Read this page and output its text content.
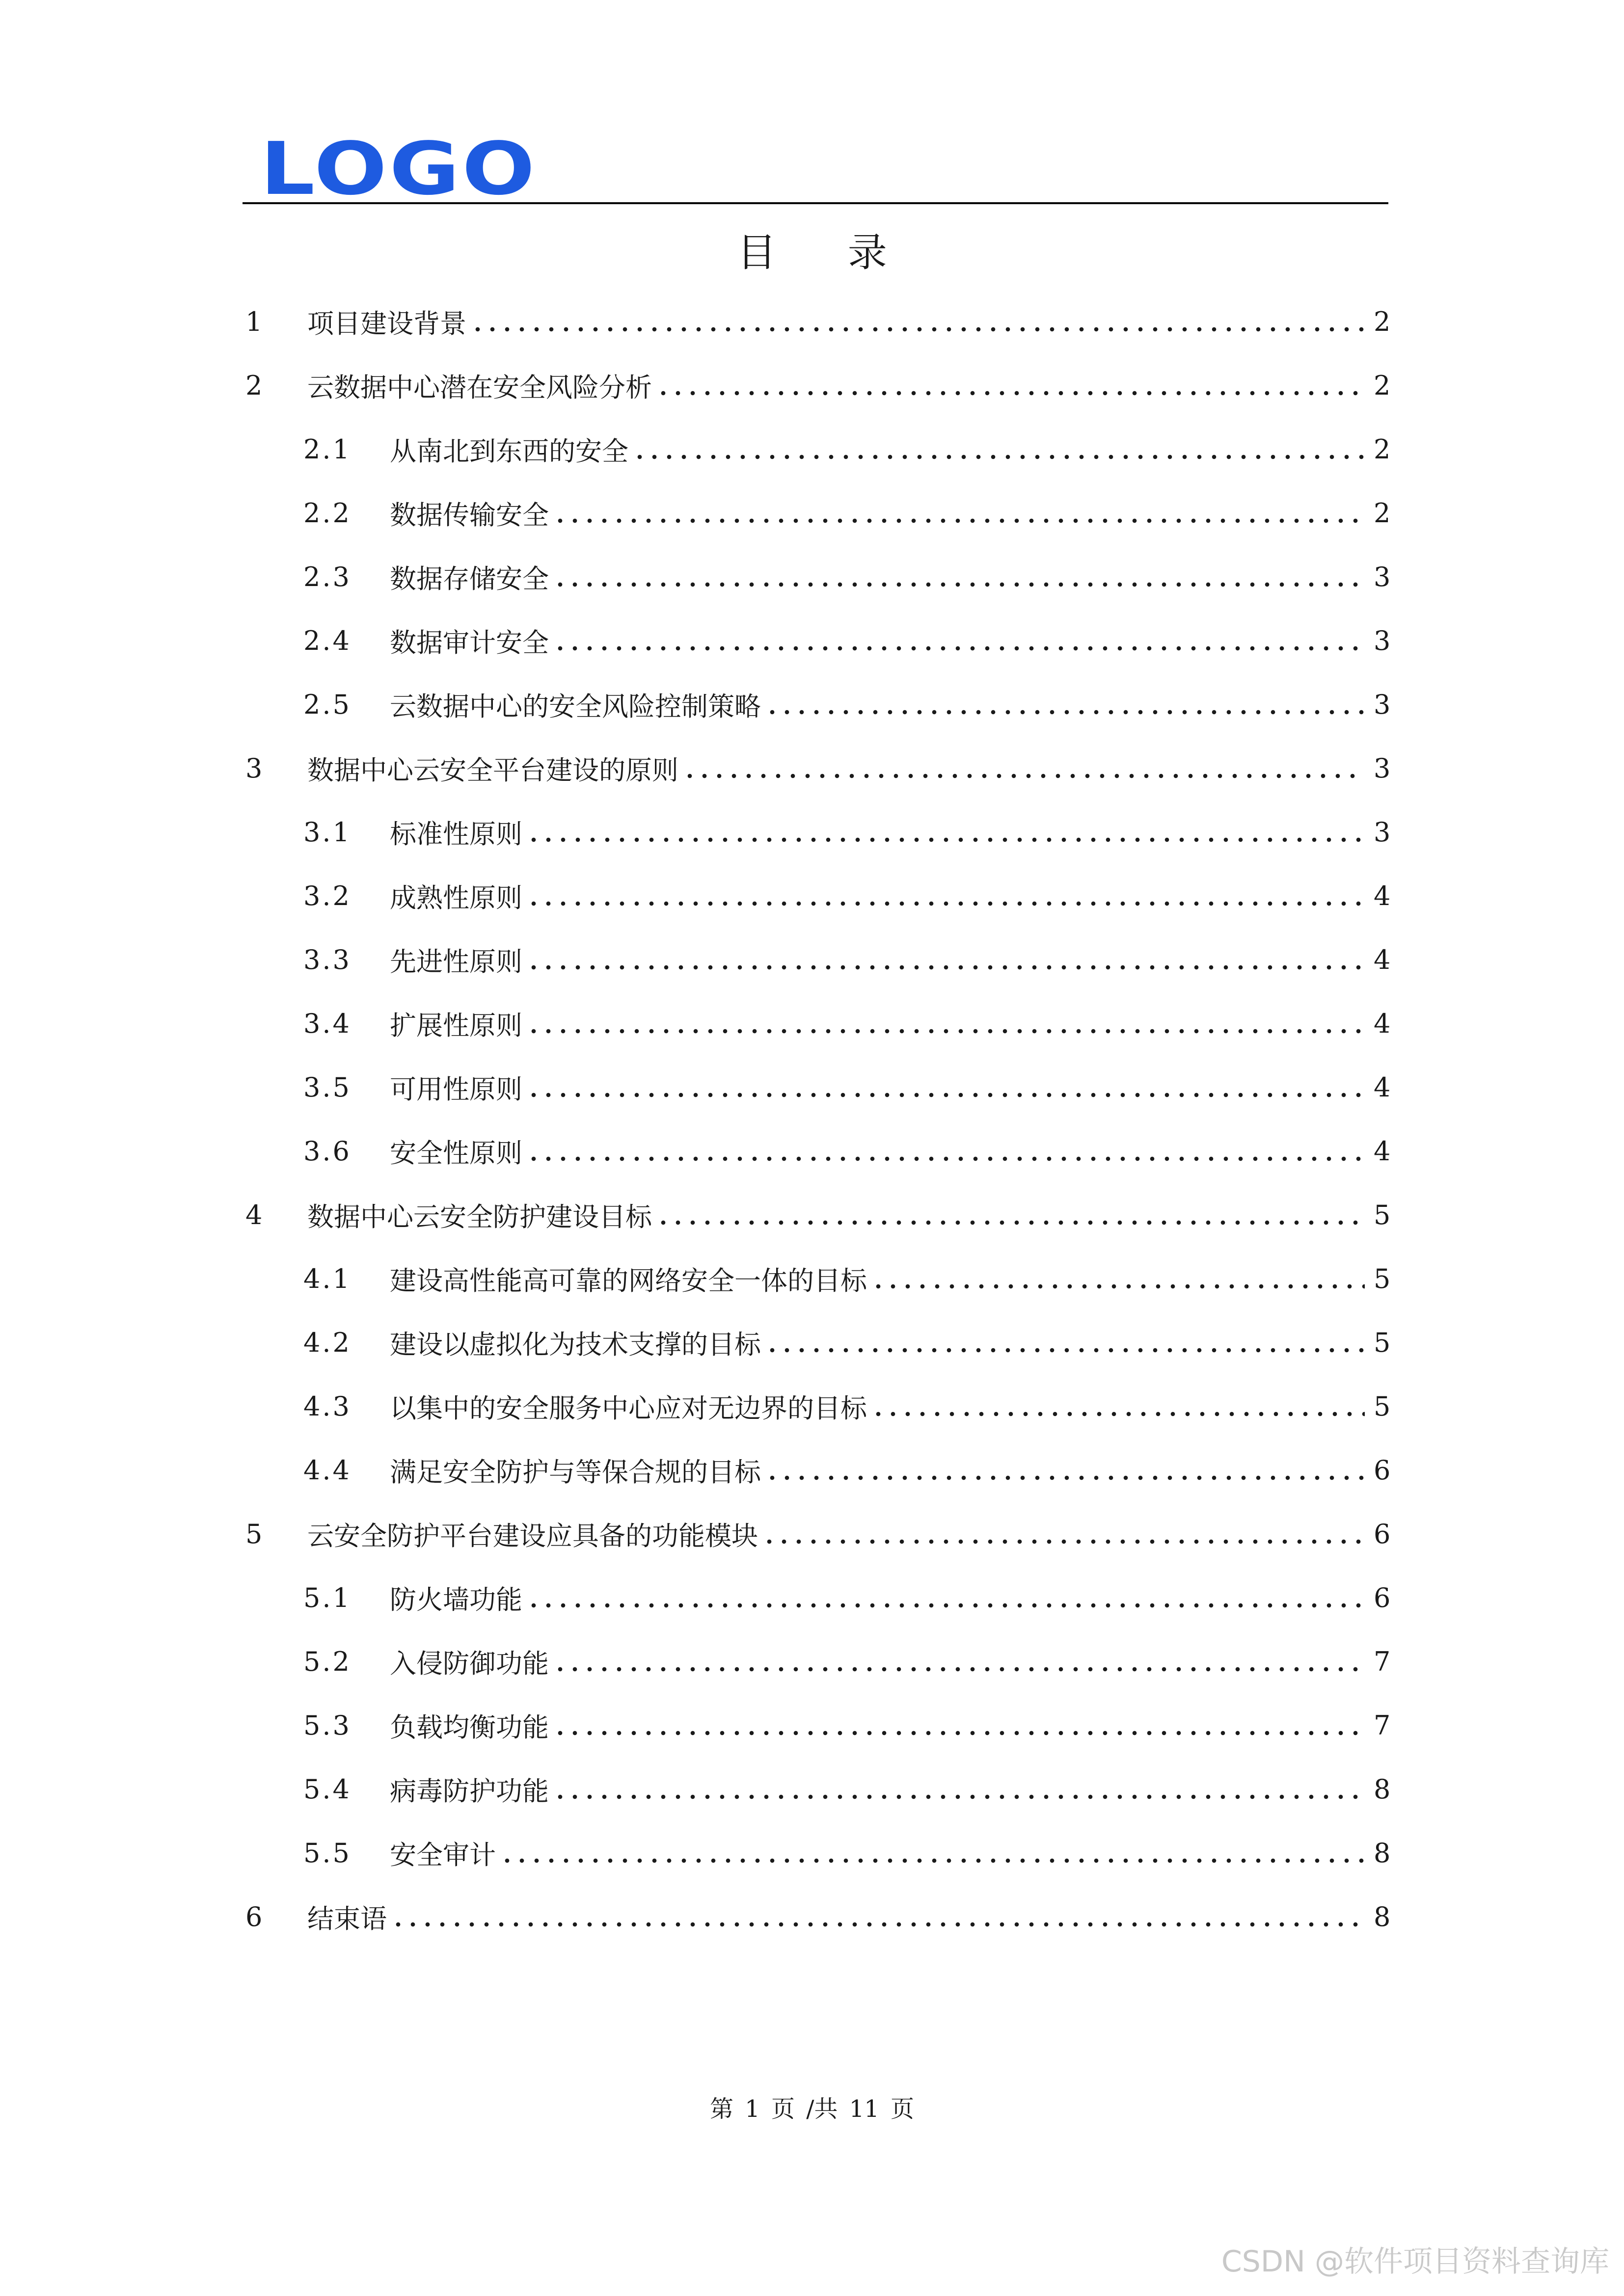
LOGO
目 录
1	项目建设背景	2
2	云数据中心潜在安全风险分析	2
2.1	从南北到东西的安全	2
2.2	数据传输安全	2
2.3	数据存储安全	3
2.4	数据审计安全	3
2.5	云数据中心的安全风险控制策略	3
3	数据中心云安全平台建设的原则	3
3.1	标准性原则	3
3.2	成熟性原则	4
3.3	先进性原则	4
3.4	扩展性原则	4
3.5	可用性原则	4
3.6	安全性原则	4
4	数据中心云安全防护建设目标	5
4.1	建设高性能高可靠的网络安全一体的目标	5
4.2	建设以虚拟化为技术支撑的目标	5
4.3	以集中的安全服务中心应对无边界的目标	5
4.4	满足安全防护与等保合规的目标	6
5	云安全防护平台建设应具备的功能模块	6
5.1	防火墙功能	6
5.2	入侵防御功能	7
5.3	负载均衡功能	7
5.4	病毒防护功能	8
5.5	安全审计	8
6	结束语	8
第 1 页 /共 11 页
CSDN @软件项目资料查询库
